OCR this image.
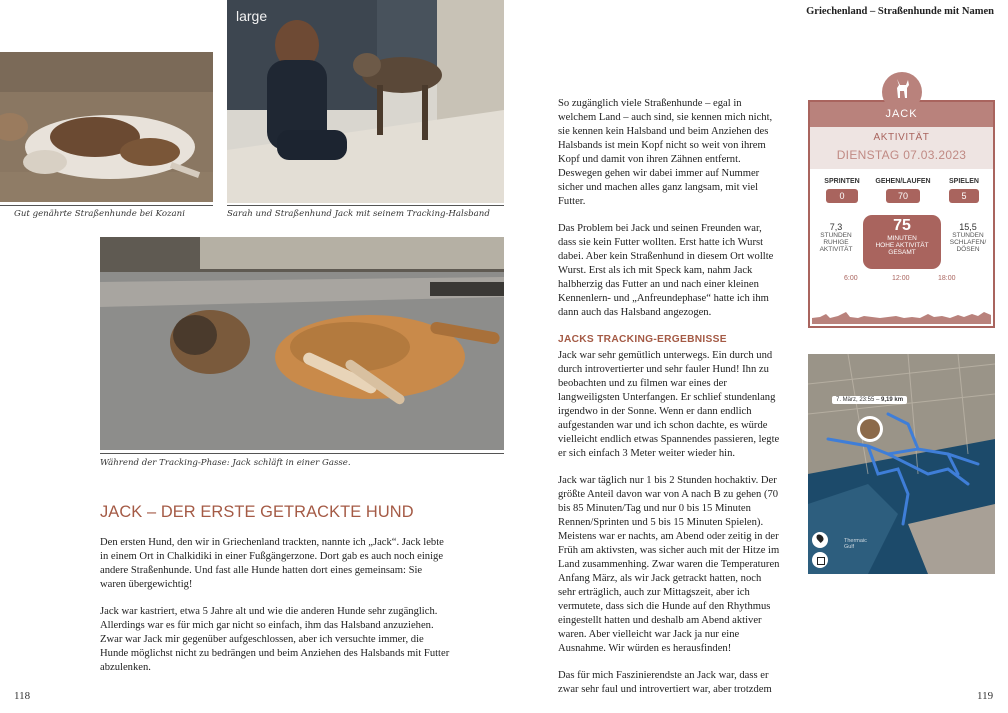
Griechenland – Straßenhunde mit Namen
Gut genährte Straßenhunde bei Kozani
large
Sarah und Straßenhund Jack mit seinem Tracking-Halsband
Während der Tracking-Phase: Jack schläft in einer Gasse.
JACK – DER ERSTE GETRACKTE HUND

Den ersten Hund, den wir in Griechenland trackten, nannte ich „Jack“. Jack lebte in einem Ort in Chalkidiki in einer Fußgängerzone. Dort gab es auch noch einige andere Straßenhunde. Und fast alle Hunde hatten dort eines gemeinsam: Sie waren übergewichtig!

Jack war kastriert, etwa 5 Jahre alt und wie die anderen Hunde sehr zugänglich. Allerdings war es für mich gar nicht so einfach, ihm das Halsband anzuziehen. Zwar war Jack mir gegenüber aufgeschlossen, aber ich versuchte immer, die Hunde möglichst nicht zu bedrängen und beim Anziehen des Halsbands mit Futter abzulenken.

So zugänglich viele Straßenhunde – egal in welchem Land – auch sind, sie kennen mich nicht, sie kennen kein Halsband und beim Anziehen des Halsbands ist mein Kopf nicht so weit von ihrem Kopf und damit von ihren Zähnen entfernt. Deswegen gehen wir dabei immer auf Nummer sicher und machen alles ganz langsam, mit viel Futter.

Das Problem bei Jack und seinen Freunden war, dass sie kein Futter wollten. Erst hatte ich Wurst dabei. Aber kein Straßenhund in diesem Ort wollte Wurst. Erst als ich mit Speck kam, nahm Jack halbherzig das Futter an und nach einer kleinen Kennenlern- und „Anfreundephase“ hatte ich ihm dann auch das Halsband angezogen.

JACKS TRACKING-ERGEBNISSE

Jack war sehr gemütlich unterwegs. Ein durch und durch introvertierter und sehr fauler Hund! Ihn zu beobachten und zu filmen war eines der langweiligsten Unterfangen. Er schlief stundenlang irgendwo in der Sonne. Wenn er dann endlich aufgestanden war und ich schon dachte, es würde vielleicht endlich etwas Spannendes passieren, legte er sich einfach 3 Meter weiter wieder hin.

Jack war täglich nur 1 bis 2 Stunden hochaktiv. Der größte Anteil davon war von A nach B zu gehen (70 bis 85 Minuten/Tag und nur 0 bis 15 Minuten Rennen/Sprinten und 5 bis 15 Minuten Spielen). Meistens war er nachts, am Abend oder zeitig in der Früh am aktivsten, was sicher auch mit der Hitze im Land zusammenhing. Zwar waren die Temperaturen Anfang März, als wir Jack getrackt hatten, noch sehr erträglich, auch zur Mittagszeit, aber ich vermutete, dass sich die Hunde auf den Rhythmus eingestellt hatten und deshalb am Abend aktiver waren. Aber vielleicht war Jack ja nur eine Ausnahme. Wir würden es herausfinden!

Das für mich Faszinierendste an Jack war, dass er zwar sehr faul und introvertiert war, aber trotzdem

JACK
AKTIVITÄT
DIENSTAG 07.03.2023
SPRINTEN
0
GEHEN/LAUFEN
70
SPIELEN
5
7,3
STUNDEN
RUHIGE
AKTIVITÄT
75
MINUTEN
HOHE AKTIVITÄT
GESAMT
15,5
STUNDEN
SCHLAFEN/
DÖSEN
6:00	12:00	18:00
7. März, 23:55 – 9,19 km
Thermaic Gulf
118	119
